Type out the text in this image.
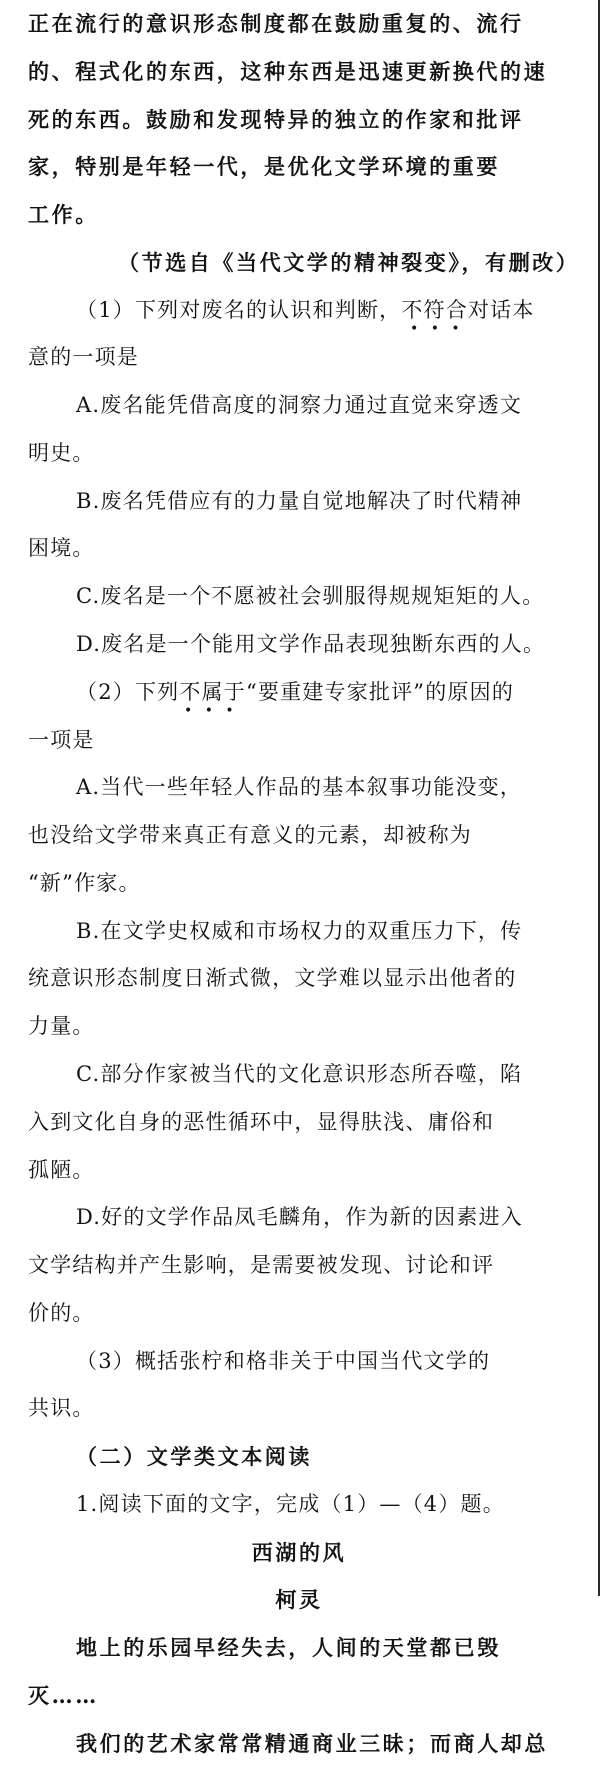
正在流行的意识形态制度都在鼓励重复的、流行
的、程式化的东西，这种东西是迅速更新换代的速
死的东西。鼓励和发现特异的独立的作家和批评
家，特别是年轻一代，是优化文学环境的重要
工作。
（节选自《当代文学的精神裂变》，有删改）
（1）下列对废名的认识和判断，不符合对话本
• • •
意的一项是
A.废名能凭借高度的洞察力通过直觉来穿透文
明史。
B.废名凭借应有的力量自觉地解决了时代精神
困境。
C.废名是一个不愿被社会驯服得规规矩矩的人。
D.废名是一个能用文学作品表现独断东西的人。
（2）下列不属于“要重建专家批评”的原因的
• • •
一项是
A.当代一些年轻人作品的基本叙事功能没变，
也没给文学带来真正有意义的元素，却被称为
“新”作家。
B.在文学史权威和市场权力的双重压力下，传
统意识形态制度日渐式微，文学难以显示出他者的
力量。
C.部分作家被当代的文化意识形态所吞噬，陷
入到文化自身的恶性循环中，显得肤浅、庸俗和
孤陋。
D.好的文学作品凤毛麟角，作为新的因素进入
文学结构并产生影响，是需要被发现、讨论和评
价的。
（3）概括张柠和格非关于中国当代文学的
共识。
（二）文学类文本阅读
1.阅读下面的文字，完成（1）—（4）题。
西湖的风
柯灵
地上的乐园早经失去，人间的天堂都已毁
灭……
我们的艺术家常常精通商业三昧；而商人却总
